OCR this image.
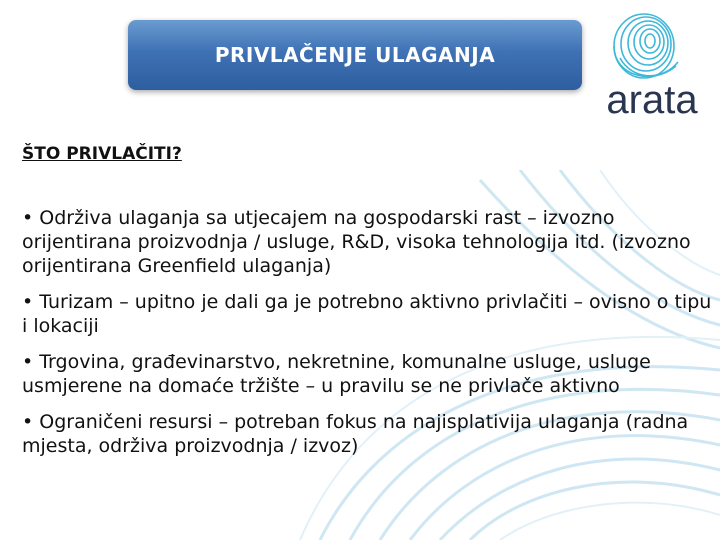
PRIVLAČENJE ULAGANJA
arata
ŠTO PRIVLAČITI?
• Održiva ulaganja sa utjecajem na gospodarski rast – izvozno orijentirana proizvodnja / usluge, R&D, visoka tehnologija itd. (izvozno orijentirana Greenfield ulaganja)
• Turizam – upitno je dali ga je potrebno aktivno privlačiti – ovisno o tipu i lokaciji
• Trgovina, građevinarstvo, nekretnine, komunalne usluge, usluge usmjerene na domaće tržište – u pravilu se ne privlače aktivno
• Ograničeni resursi – potreban fokus na najisplativija ulaganja (radna mjesta, održiva proizvodnja / izvoz)
